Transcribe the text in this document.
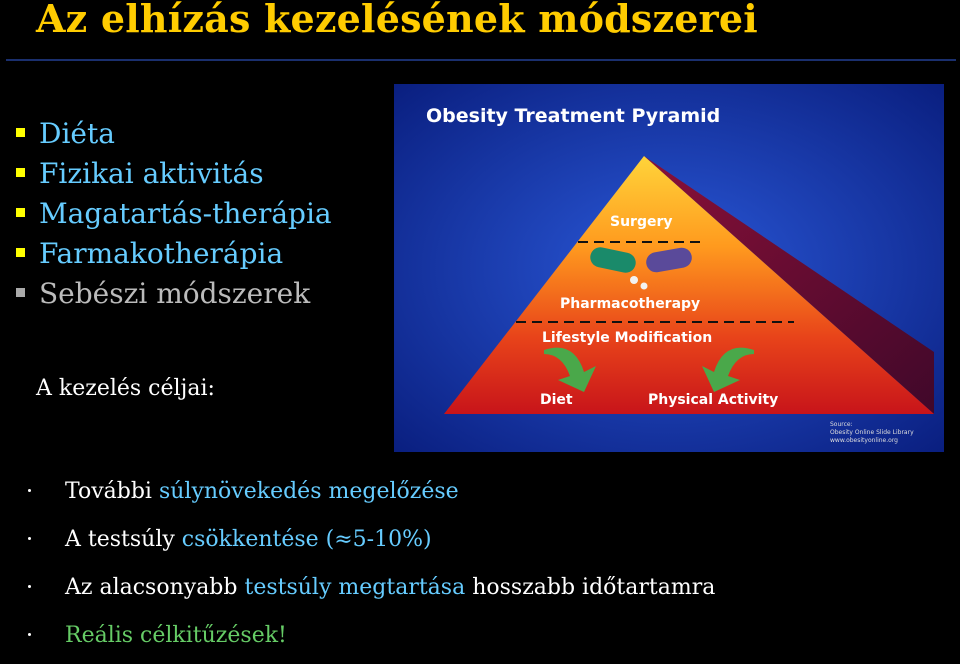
Az elhízás kezelésének módszerei
Diéta
Fizikai aktivitás
Magatartás-therápia
Farmakotherápia
Sebészi módszerek
A kezelés céljai:
További súlynövekedés megelőzése
A testsúly csökkentése (≈5-10%)
Az alacsonyabb testsúly megtartása hosszabb időtartamra
Reális célkitűzések!
Obesity Treatment Pyramid
Surgery
Pharmacotherapy
Lifestyle Modification
Diet	Physical Activity
Source:
Obesity Online Slide Library
www.obesityonline.org
